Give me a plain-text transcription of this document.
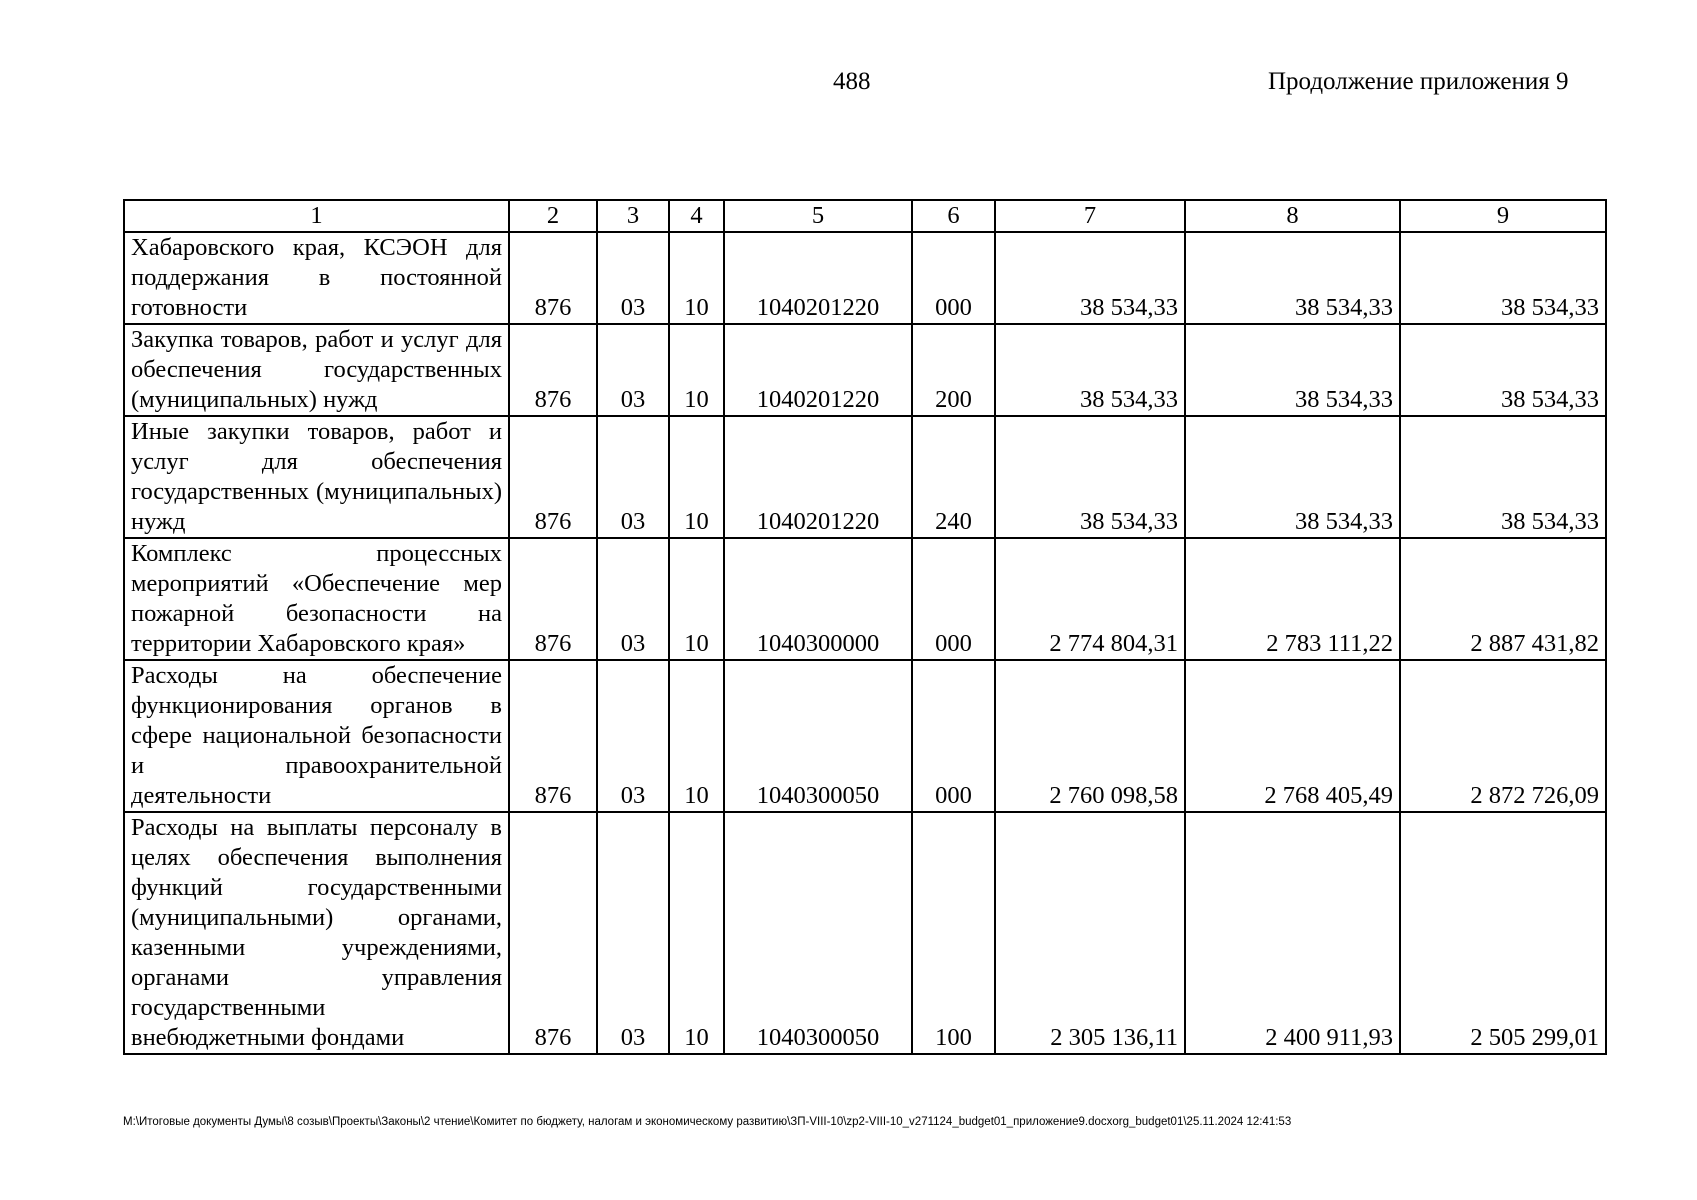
488	Продолжение приложения 9
1	2	3	4	5	6	7	8	9
Хабаровского края, КСЭОН для поддержания в постоянной готовности	876	03	10	1040201220	000	38 534,33	38 534,33	38 534,33
Закупка товаров, работ и услуг для обеспечения государственных (муниципальных) нужд	876	03	10	1040201220	200	38 534,33	38 534,33	38 534,33
Иные закупки товаров, работ и услуг для обеспечения государственных (муниципальных) нужд	876	03	10	1040201220	240	38 534,33	38 534,33	38 534,33
Комплекс процессных мероприятий «Обеспечение мер пожарной безопасности на территории Хабаровского края»	876	03	10	1040300000	000	2 774 804,31	2 783 111,22	2 887 431,82
Расходы на обеспечение функционирования органов в сфере национальной безопасности и правоохранительной деятельности	876	03	10	1040300050	000	2 760 098,58	2 768 405,49	2 872 726,09
Расходы на выплаты персоналу в целях обеспечения выполнения функций государственными (муниципальными) органами, казенными учреждениями, органами управления государственными внебюджетными фондами	876	03	10	1040300050	100	2 305 136,11	2 400 911,93	2 505 299,01
M:\Итоговые документы Думы\8 созыв\Проекты\Законы\2 чтение\Комитет по бюджету, налогам и экономическому развитию\ЗП-VIII-10\zp2-VIII-10_v271124_budget01_приложение9.docxorg_budget01\25.11.2024 12:41:53
